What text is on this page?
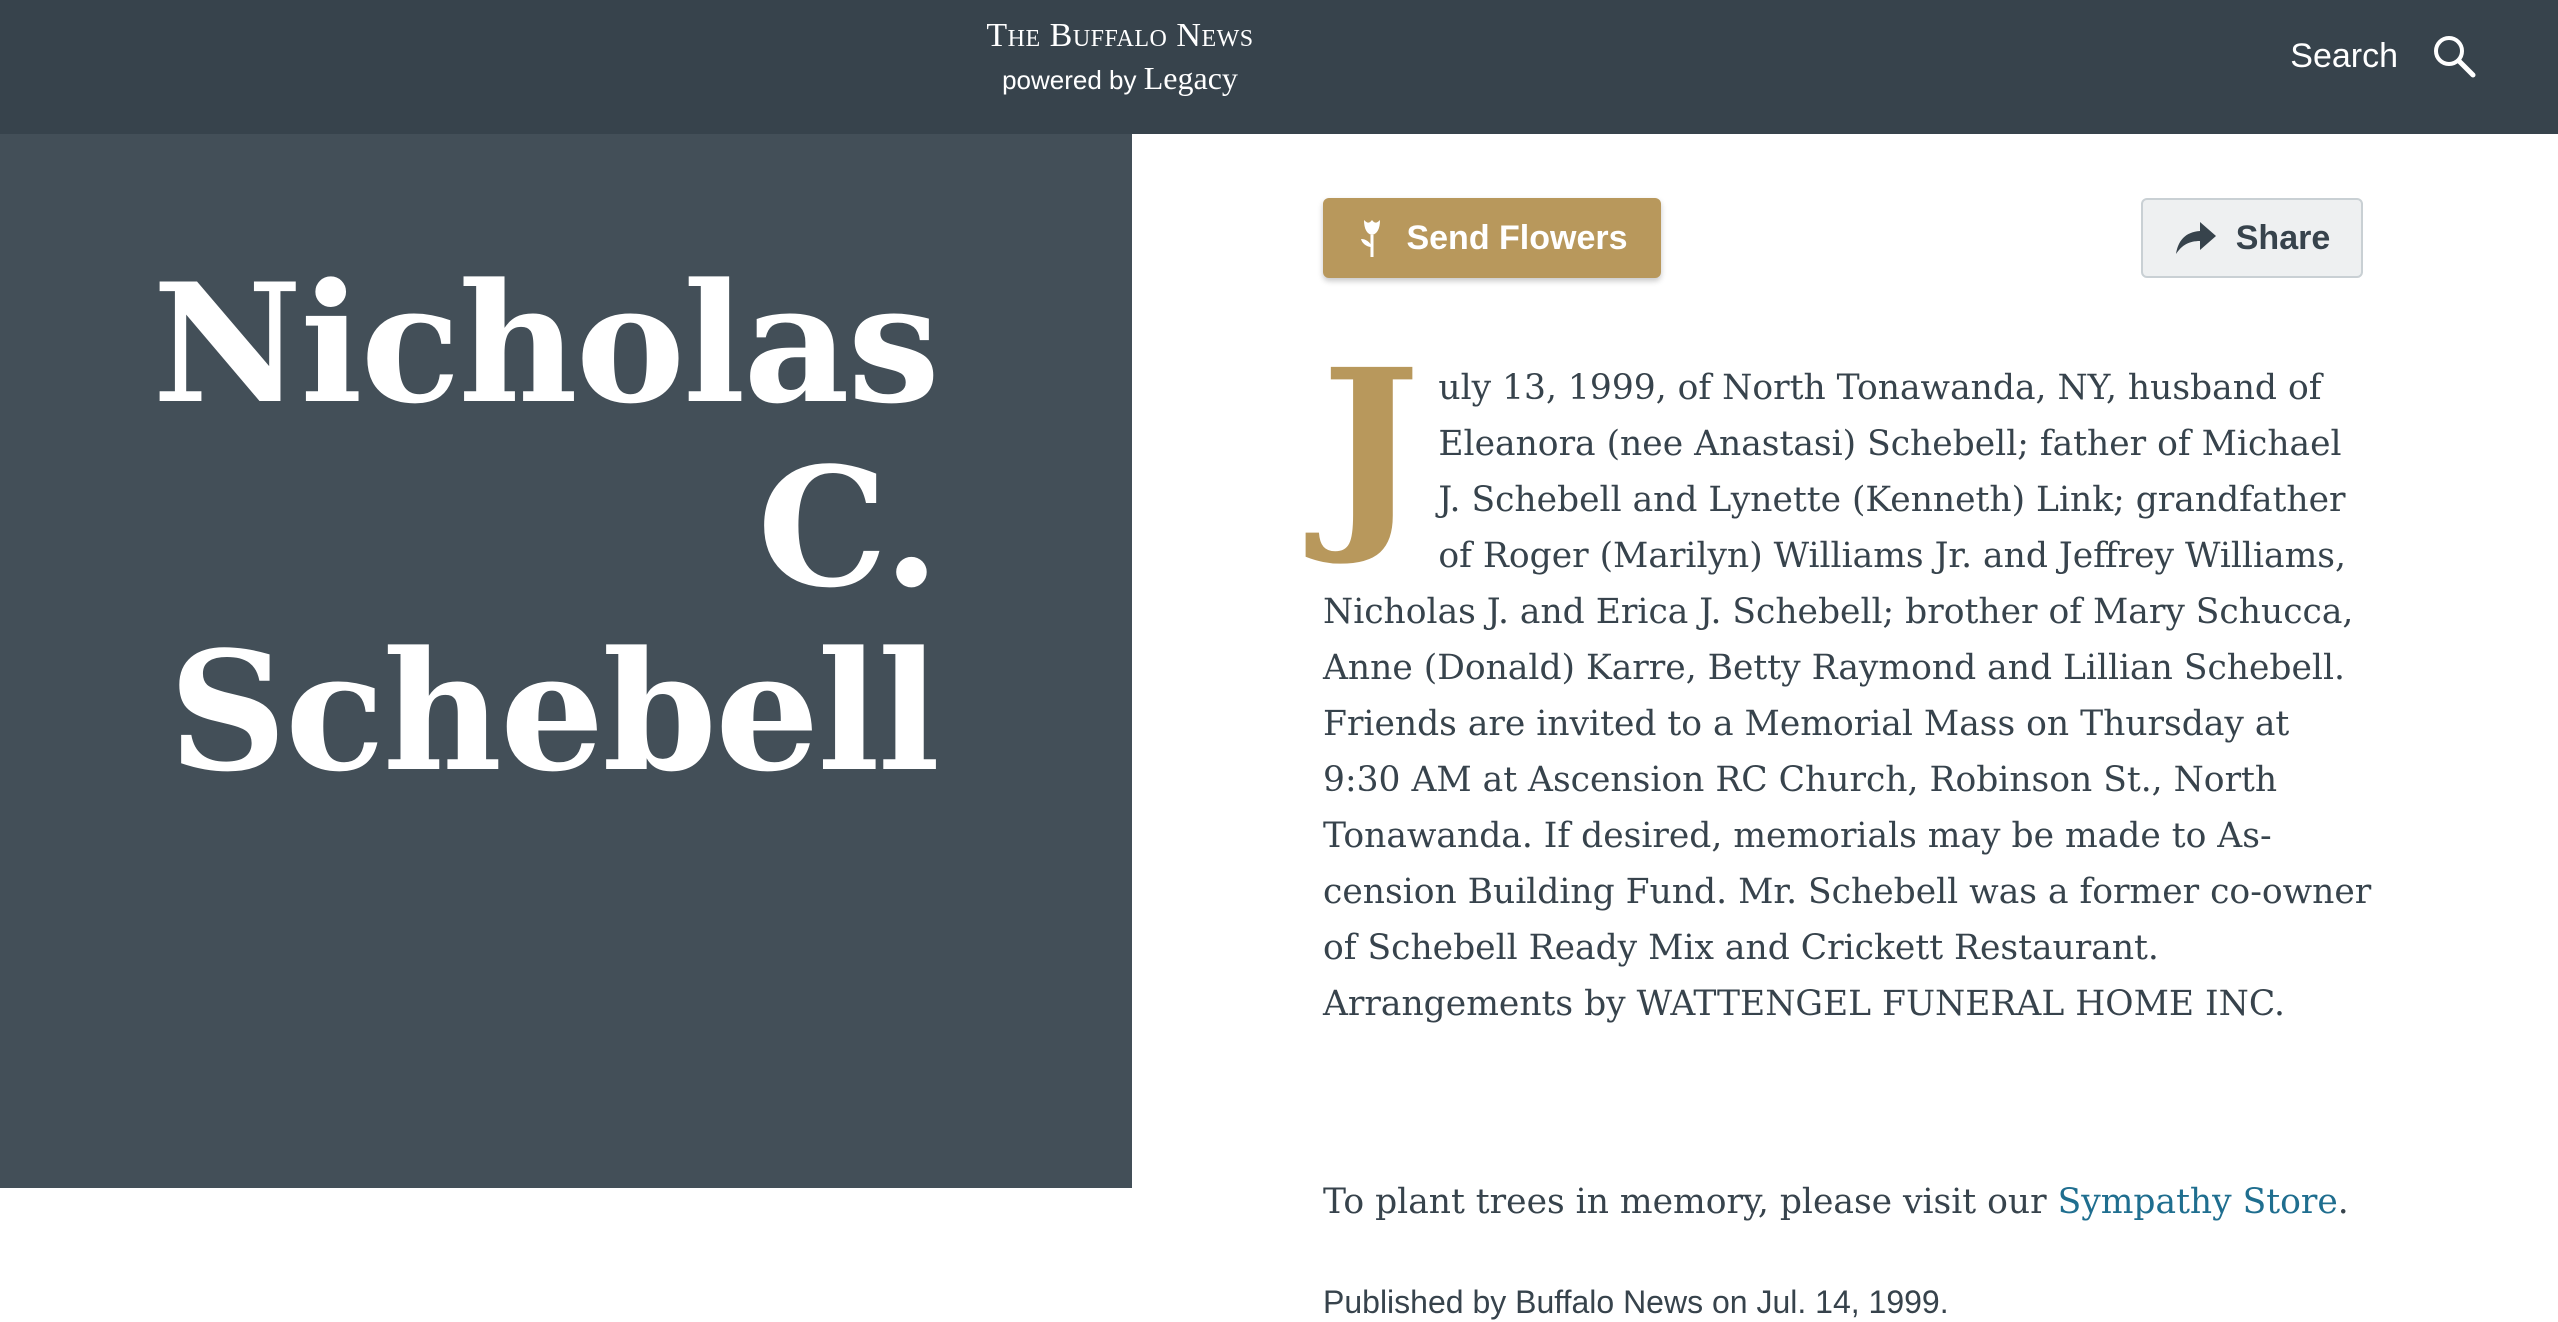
The Buffalo News
powered by Legacy
Search
Nicholas C.
Schebell
Send Flowers	Share
J uly 13, 1999, of North Tonawanda, NY, husband of Eleanora (nee Anastasi) Schebell; father of Michael J. Schebell and Lynette (Kenneth) Link; grandfather of Roger (Marilyn) Williams Jr. and Jeffrey Williams, Nicholas J. and Erica J. Schebell; brother of Mary Schucca, Anne (Donald) Karre, Betty Raymond and Lillian Schebell. Friends are invited to a Memorial Mass on Thursday at 9:30 AM at Ascension RC Church, Robinson St., North Tonawanda. If desired, memorials may be made to Ascension Building Fund. Mr. Schebell was a former co-owner of Schebell Ready Mix and Crickett Restaurant. Arrangements by WATTENGEL FUNERAL HOME INC.
To plant trees in memory, please visit our Sympathy Store.
Published by Buffalo News on Jul. 14, 1999.
